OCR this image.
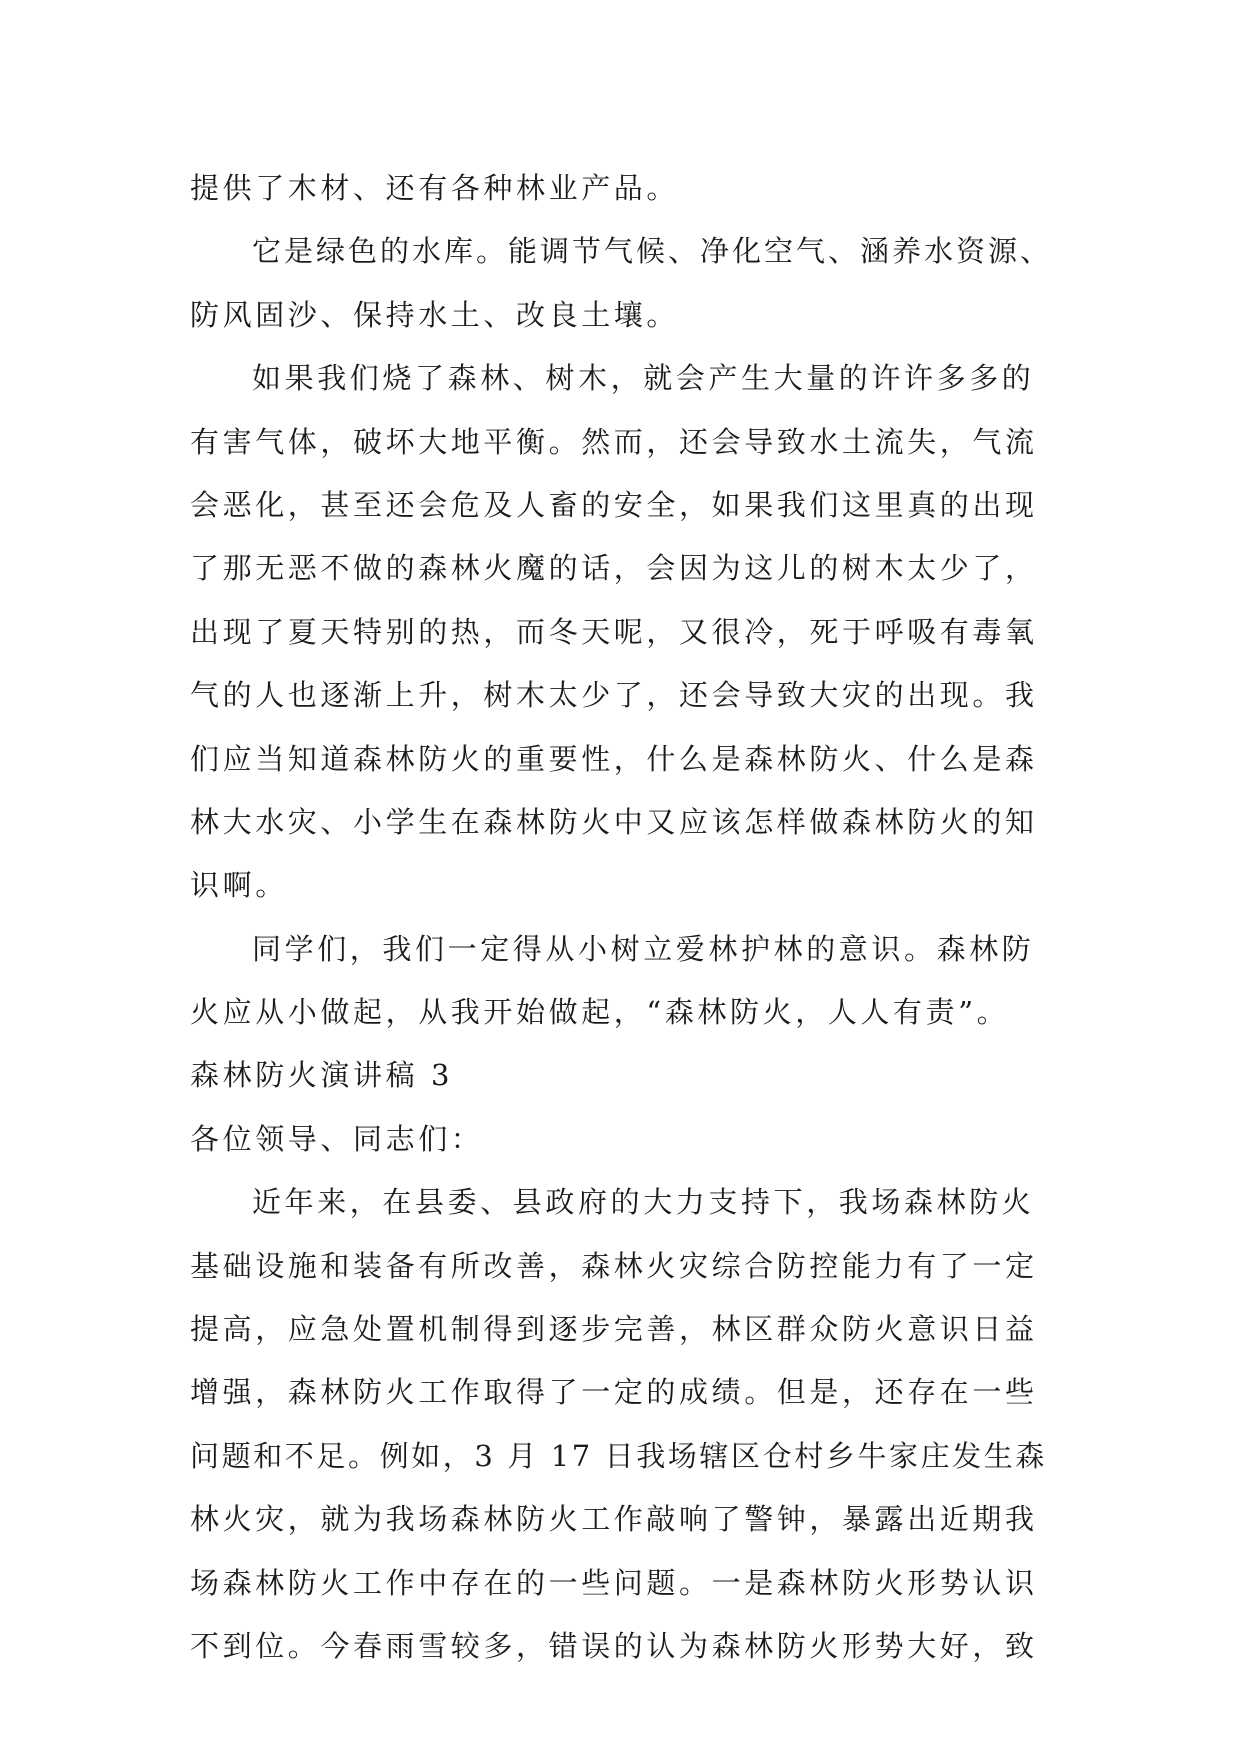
提供了木材、还有各种林业产品。
它是绿色的水库。能调节气候、净化空气、涵养水资源、
防风固沙、保持水土、改良土壤。
如果我们烧了森林、树木，就会产生大量的许许多多的
有害气体，破坏大地平衡。然而，还会导致水土流失，气流
会恶化，甚至还会危及人畜的安全，如果我们这里真的出现
了那无恶不做的森林火魔的话，会因为这儿的树木太少了，
出现了夏天特别的热，而冬天呢，又很冷，死于呼吸有毒氧
气的人也逐渐上升，树木太少了，还会导致大灾的出现。我
们应当知道森林防火的重要性，什么是森林防火、什么是森
林大水灾、小学生在森林防火中又应该怎样做森林防火的知
识啊。
同学们，我们一定得从小树立爱林护林的意识。森林防
火应从小做起，从我开始做起，“森林防火，人人有责”。
森林防火演讲稿 3
各位领导、同志们：
近年来，在县委、县政府的大力支持下，我场森林防火
基础设施和装备有所改善，森林火灾综合防控能力有了一定
提高，应急处置机制得到逐步完善，林区群众防火意识日益
增强，森林防火工作取得了一定的成绩。但是，还存在一些
问题和不足。例如，3 月 17 日我场辖区仓村乡牛家庄发生森
林火灾，就为我场森林防火工作敲响了警钟，暴露出近期我
场森林防火工作中存在的一些问题。一是森林防火形势认识
不到位。今春雨雪较多，错误的认为森林防火形势大好，致
